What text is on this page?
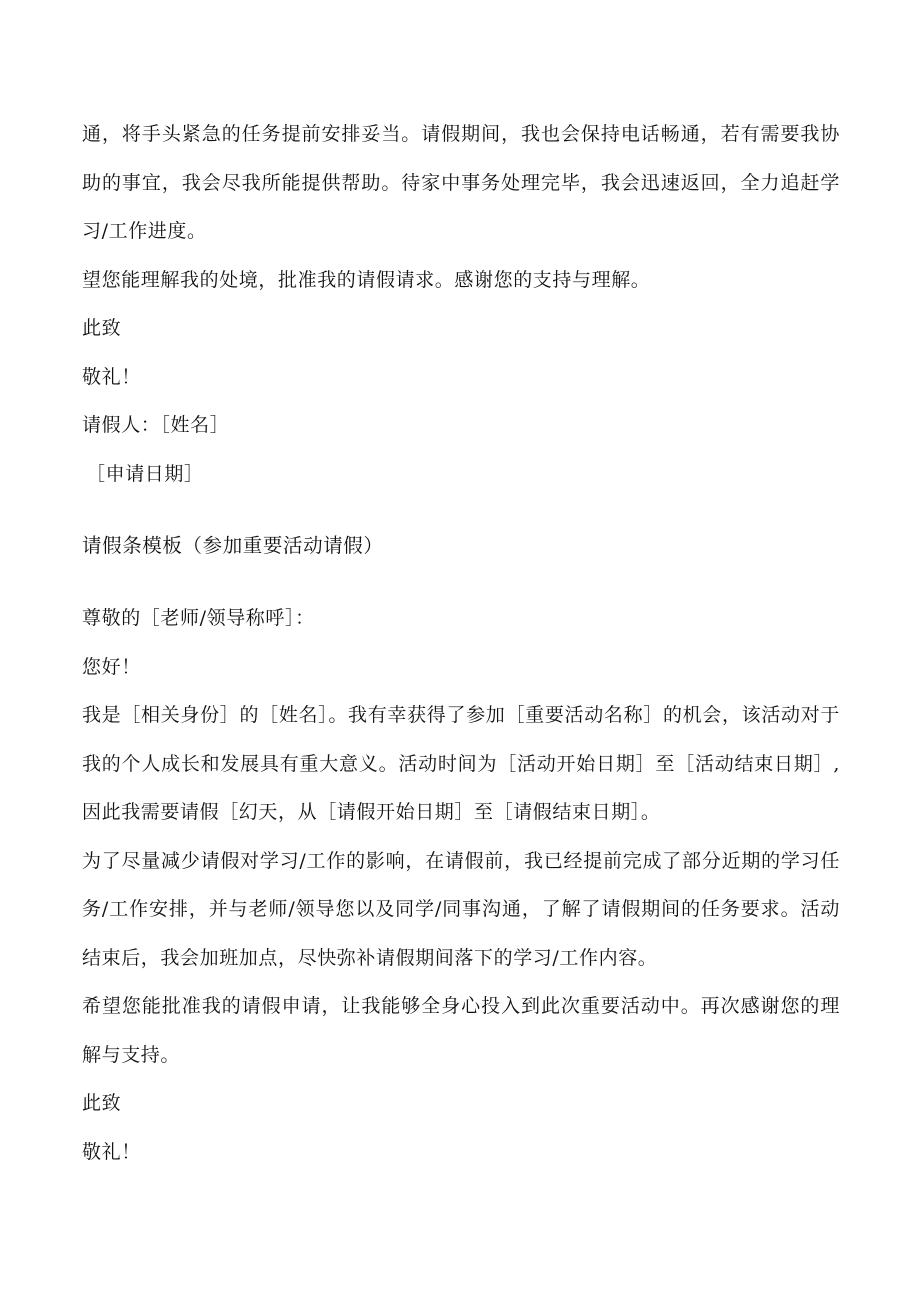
通，将手头紧急的任务提前安排妥当。请假期间，我也会保持电话畅通，若有需要我协助的事宜，我会尽我所能提供帮助。待家中事务处理完毕，我会迅速返回，全力追赶学习/工作进度。

望您能理解我的处境，批准我的请假请求。感谢您的支持与理解。

此致

敬礼！

请假人：［姓名］

［申请日期］

请假条模板（参加重要活动请假）

尊敬的［老师/领导称呼］：

您好！

我是［相关身份］的［姓名］。我有幸获得了参加［重要活动名称］的机会，该活动对于我的个人成长和发展具有重大意义。活动时间为［活动开始日期］至［活动结束日期］,因此我需要请假［幻天，从［请假开始日期］至［请假结束日期］。

为了尽量减少请假对学习/工作的影响，在请假前，我已经提前完成了部分近期的学习任务/工作安排，并与老师/领导您以及同学/同事沟通，了解了请假期间的任务要求。活动结束后，我会加班加点，尽快弥补请假期间落下的学习/工作内容。

希望您能批准我的请假申请，让我能够全身心投入到此次重要活动中。再次感谢您的理解与支持。

此致

敬礼！
